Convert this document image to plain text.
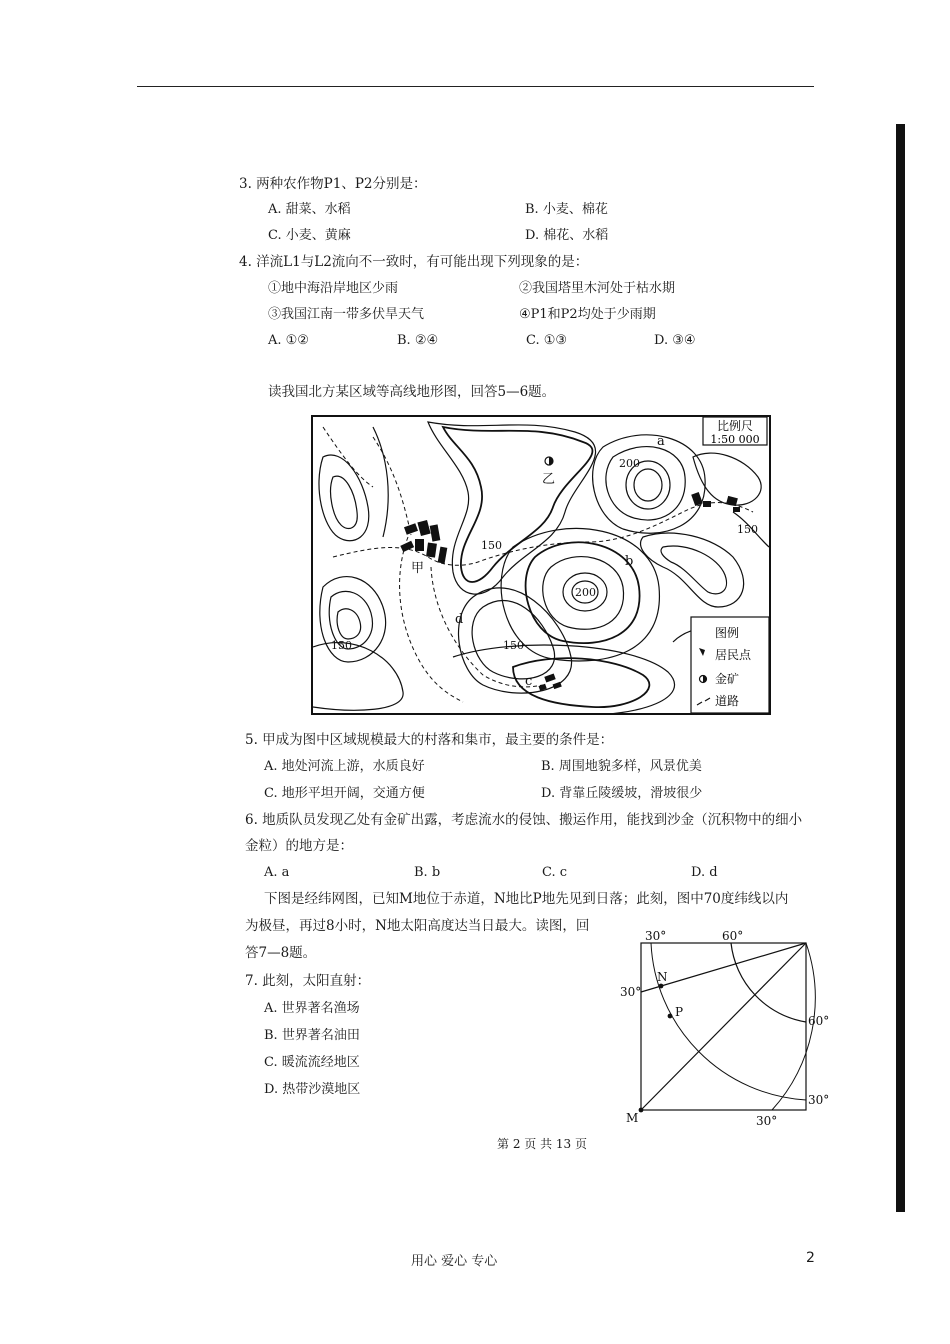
3. 两种农作物P1、P2分别是：
A. 甜菜、水稻	B. 小麦、棉花
C. 小麦、黄麻	D. 棉花、水稻
4. 洋流L1与L2流向不一致时，有可能出现下列现象的是：
①地中海沿岸地区少雨	②我国塔里木河处于枯水期
③我国江南一带多伏旱天气	④P1和P2均处于少雨期
A. ①②	B. ②④	C. ①③	D. ③④
读我国北方某区域等高线地形图，回答5—6题。
比例尺
1:50 000
图例
居民点
金矿
道路
a
b
c
d
甲
乙
200
200
150
150
150
150
5. 甲成为图中区域规模最大的村落和集市，最主要的条件是：
A. 地处河流上游，水质良好	B. 周围地貌多样，风景优美
C. 地形平坦开阔，交通方便	D. 背靠丘陵缓坡，滑坡很少
6. 地质队员发现乙处有金矿出露，考虑流水的侵蚀、搬运作用，能找到沙金（沉积物中的细小
金粒）的地方是：
A. a	B. b	C. c	D. d
下图是经纬网图，已知M地位于赤道，N地比P地先见到日落；此刻，图中70度纬线以内
为极昼，再过8小时，N地太阳高度达当日最大。读图，回
答7—8题。
7. 此刻，太阳直射：
A. 世界著名渔场
B. 世界著名油田
C. 暖流流经地区
D. 热带沙漠地区
30°	60°
30°
60°
30°
30°
N
P
M
第 2 页 共 13 页
用心 爱心 专心	2
